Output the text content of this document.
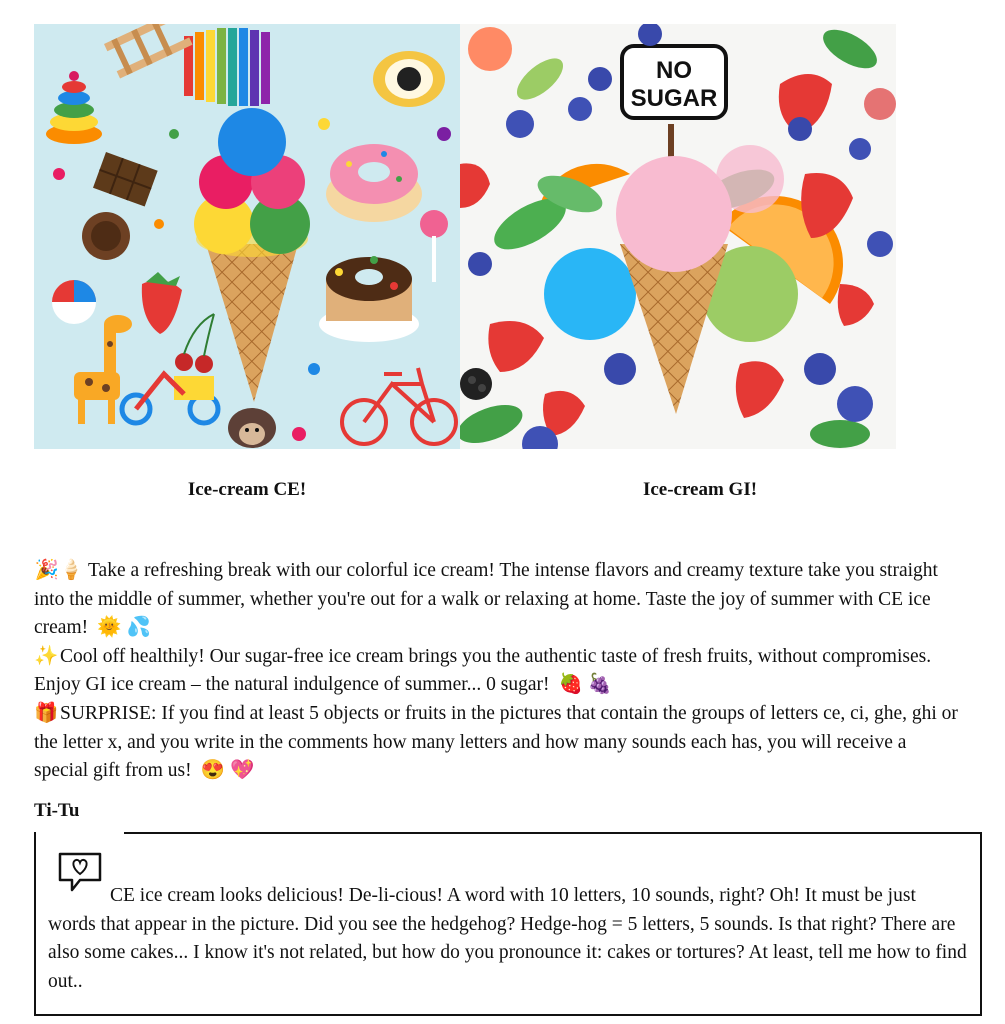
NO
SUGAR
Ice-cream CE!	Ice-cream GI!

🎉🍦 Take a refreshing break with our colorful ice cream! The intense flavors and creamy texture take you straight into the middle of summer, whether you're out for a walk or relaxing at home. Taste the joy of summer with CE ice cream! 🌞 💦

✨Cool off healthily! Our sugar-free ice cream brings you the authentic taste of fresh fruits, without compromises. Enjoy GI ice cream – the natural indulgence of summer... 0 sugar! 🍓 🍇

🎁SURPRISE: If you find at least 5 objects or fruits in the pictures that contain the groups of letters ce, ci, ghe, ghi or the letter x, and you write in the comments how many letters and how many sounds each has, you will receive a special gift from us! 😍 💖

Ti-Tu
CE ice cream looks delicious! De-li-cious! A word with 10 letters, 10 sounds, right? Oh! It must be just words that appear in the picture. Did you see the hedgehog? Hedge-hog = 5 letters, 5 sounds. Is that right? There are also some cakes... I know it's not related, but how do you pronounce it: cakes or tortures? At least, tell me how to find out..
